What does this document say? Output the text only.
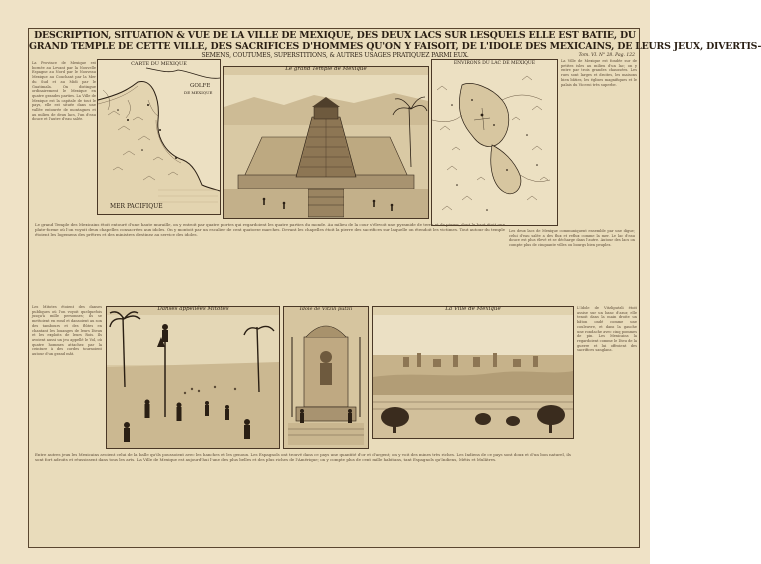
DESCRIPTION, SITUATION & VUE DE LA VILLE DE MEXIQUE, DES DEUX LACS SUR LESQUELS ELLE EST BATIE, DU
GRAND TEMPLE DE CETTE VILLE, DES SACRIFICES D'HOMMES QU'ON Y FAISOIT, DE L'IDOLE DES MEXICAINS, DE LEURS JEUX, DIVERTIS-
SEMENS, COUTUMES, SUPERSTITIONS, & AUTRES USAGES PRATIQUEZ PARMI EUX.	Tom. VI. N° 28. Pag. 122
La Province de Mexique est bornée au Levant par la Nouvelle Espagne au Nord par le Nouveau Mexique au Couchant par la Mer du Sud et au Midi par le Guatimala. On distingue ordinairement le Mexique en quatre grandes parties. La Ville de Mexique est la capitale de tout le pays, elle est située dans une vallée entourée de montagnes et au milieu de deux lacs, l'un d'eau douce et l'autre d'eau salée.
CARTE DU MEXIQUE
GOLFE
DE MEXIQUE
MER PACIFIQUE
Le grand Temple de Mexique
ENVIRONS DU LAC DE MEXIQUE	La Ville de Mexique est fondée sur de petites isles au milieu d'un lac; on y entre par trois grandes chaussées. Les rues sont larges et droites, les maisons bien bâties, les églises magnifiques et le palais du Viceroi très superbe.
Le grand Temple des Mexicains étoit entouré d'une haute muraille, on y entroit par quatre portes qui regardoient les quatre parties du monde. Au milieu de la cour s'élevoit une pyramide de terre et de pierre, dont le haut étoit une plate-forme où l'on voyoit deux chapelles consacrées aux idoles. On y montoit par un escalier de cent quatorze marches. Devant les chapelles étoit la pierre des sacrifices sur laquelle on étendoit les victimes. Tout autour du temple étoient les logemens des prêtres et des ministres destinez au service des idoles.
Les deux lacs de Mexique communiquent ensemble par une digue; celui d'eau salée a des flux et reflux comme la mer. Le lac d'eau douce est plus élevé et se décharge dans l'autre. Autour des lacs on compte plus de cinquante villes ou bourgs bien peuplez.
Les Mitotes étoient des danses publiques où l'on voyoit quelquefois jusqu'à mille personnes; ils se mettoient en rond et dansoient au son des tambours et des flûtes en chantant les louanges de leurs Dieux et les exploits de leurs Rois. Ils avoient aussi un jeu appellé le Vol, où quatre hommes attachez par la ceinture à des cordes tournoient autour d'un grand mât.
Danses appellées Mitotes	Idole de Vitzili putzli	La Ville de Mexique	L'Idole de Vitzliputzli étoit assise sur un banc d'azur, elle tenoit dans la main droite un bâton ondé comme une couleuvre, et dans la gauche une rondache avec cinq pommes de pin. Les Mexicains la regardoient comme le Dieu de la guerre et lui offroient des sacrifices sanglans.
Entre autres jeux les Mexicains avoient celui de la balle qu'ils poussoient avec les hanches et les genoux. Les Espagnols ont trouvé dans ce pays une quantité d'or et d'argent; on y voit des mines très riches. Les Indiens de ce pays sont doux et d'un bon naturel, ils sont fort adroits et réussissent dans tous les arts. La Ville de Mexique est aujourd'hui l'une des plus belles et des plus riches de l'Amérique; on y compte plus de cent mille habitans, tant Espagnols qu'Indiens, Métis et Mulâtres.
